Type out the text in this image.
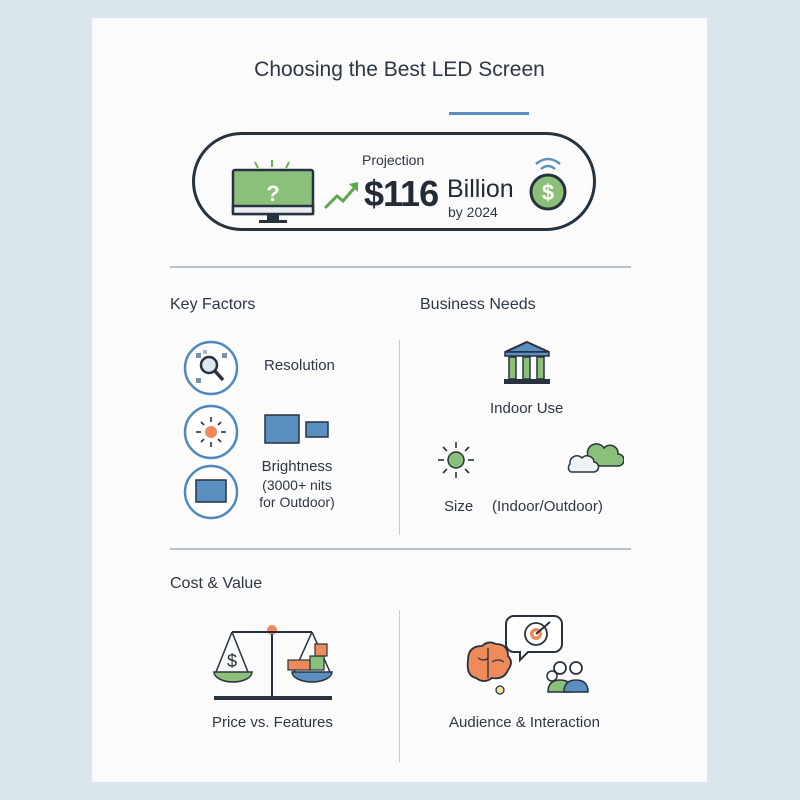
Choosing the Best LED Screen
?
Projection
$116 Billion
by 2024
$
Key Factors
Resolution
Brightness
(3000+ nits
for Outdoor)
Business Needs
Indoor Use
Size (Indoor/Outdoor)
Cost & Value
$
Price vs. Features	Audience & Interaction
